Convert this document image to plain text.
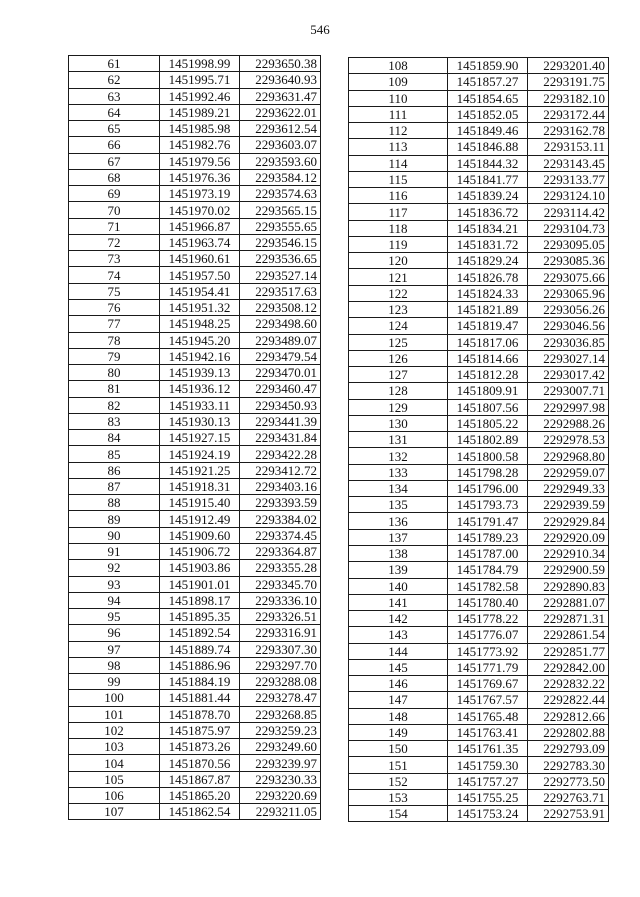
546
61	1451998.99	2293650.38
62	1451995.71	2293640.93
63	1451992.46	2293631.47
64	1451989.21	2293622.01
65	1451985.98	2293612.54
66	1451982.76	2293603.07
67	1451979.56	2293593.60
68	1451976.36	2293584.12
69	1451973.19	2293574.63
70	1451970.02	2293565.15
71	1451966.87	2293555.65
72	1451963.74	2293546.15
73	1451960.61	2293536.65
74	1451957.50	2293527.14
75	1451954.41	2293517.63
76	1451951.32	2293508.12
77	1451948.25	2293498.60
78	1451945.20	2293489.07
79	1451942.16	2293479.54
80	1451939.13	2293470.01
81	1451936.12	2293460.47
82	1451933.11	2293450.93
83	1451930.13	2293441.39
84	1451927.15	2293431.84
85	1451924.19	2293422.28
86	1451921.25	2293412.72
87	1451918.31	2293403.16
88	1451915.40	2293393.59
89	1451912.49	2293384.02
90	1451909.60	2293374.45
91	1451906.72	2293364.87
92	1451903.86	2293355.28
93	1451901.01	2293345.70
94	1451898.17	2293336.10
95	1451895.35	2293326.51
96	1451892.54	2293316.91
97	1451889.74	2293307.30
98	1451886.96	2293297.70
99	1451884.19	2293288.08
100	1451881.44	2293278.47
101	1451878.70	2293268.85
102	1451875.97	2293259.23
103	1451873.26	2293249.60
104	1451870.56	2293239.97
105	1451867.87	2293230.33
106	1451865.20	2293220.69
107	1451862.54	2293211.05
108	1451859.90	2293201.40
109	1451857.27	2293191.75
110	1451854.65	2293182.10
111	1451852.05	2293172.44
112	1451849.46	2293162.78
113	1451846.88	2293153.11
114	1451844.32	2293143.45
115	1451841.77	2293133.77
116	1451839.24	2293124.10
117	1451836.72	2293114.42
118	1451834.21	2293104.73
119	1451831.72	2293095.05
120	1451829.24	2293085.36
121	1451826.78	2293075.66
122	1451824.33	2293065.96
123	1451821.89	2293056.26
124	1451819.47	2293046.56
125	1451817.06	2293036.85
126	1451814.66	2293027.14
127	1451812.28	2293017.42
128	1451809.91	2293007.71
129	1451807.56	2292997.98
130	1451805.22	2292988.26
131	1451802.89	2292978.53
132	1451800.58	2292968.80
133	1451798.28	2292959.07
134	1451796.00	2292949.33
135	1451793.73	2292939.59
136	1451791.47	2292929.84
137	1451789.23	2292920.09
138	1451787.00	2292910.34
139	1451784.79	2292900.59
140	1451782.58	2292890.83
141	1451780.40	2292881.07
142	1451778.22	2292871.31
143	1451776.07	2292861.54
144	1451773.92	2292851.77
145	1451771.79	2292842.00
146	1451769.67	2292832.22
147	1451767.57	2292822.44
148	1451765.48	2292812.66
149	1451763.41	2292802.88
150	1451761.35	2292793.09
151	1451759.30	2292783.30
152	1451757.27	2292773.50
153	1451755.25	2292763.71
154	1451753.24	2292753.91
